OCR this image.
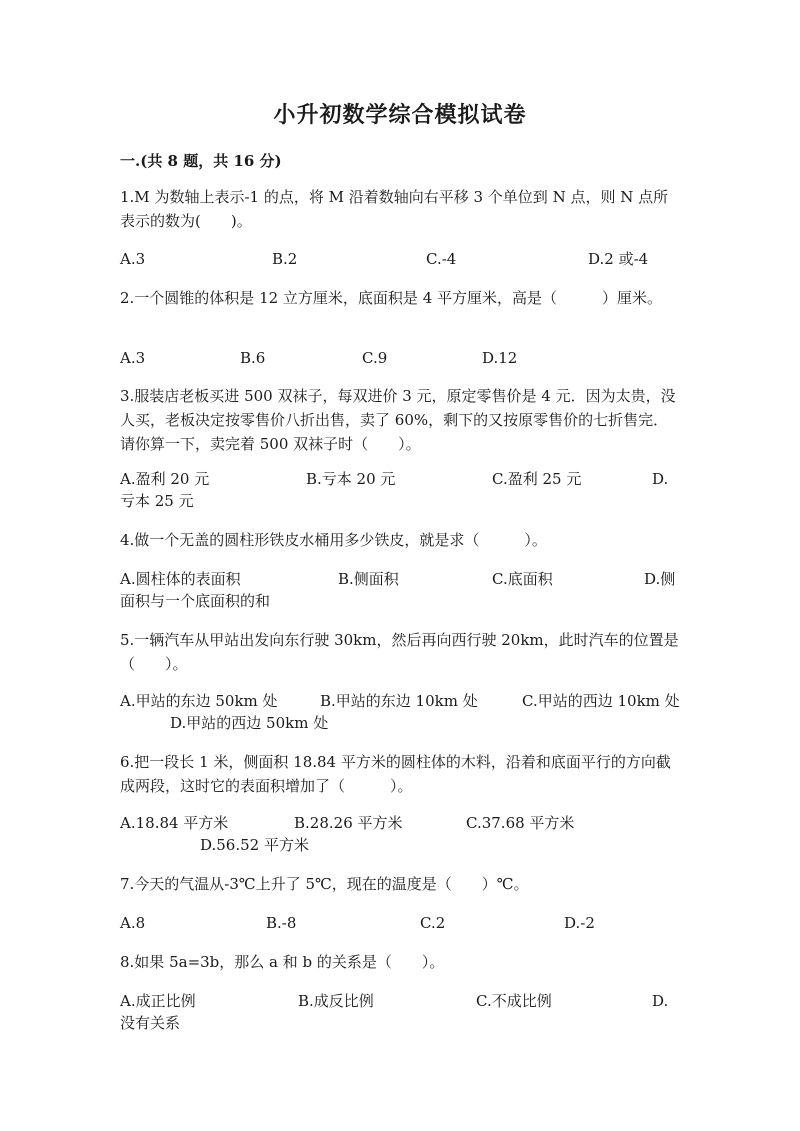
小升初数学综合模拟试卷
一.(共 8 题，共 16 分)
1.M 为数轴上表示-1 的点，将 M 沿着数轴向右平移 3 个单位到 N 点，则 N 点所表示的数为(　　)。
A.3	B.2	C.-4	D.2 或-4
2.一个圆锥的体积是 12 立方厘米，底面积是 4 平方厘米，高是（　　　）厘米。
A.3	B.6	C.9	D.12
3.服装店老板买进 500 双袜子，每双进价 3 元，原定零售价是 4 元．因为太贵，没人买，老板决定按零售价八折出售，卖了 60%，剩下的又按原零售价的七折售完．请你算一下，卖完着 500 双袜子时（　　）。
A.盈利 20 元	B.亏本 20 元	C.盈利 25 元	D.
亏本 25 元
4.做一个无盖的圆柱形铁皮水桶用多少铁皮，就是求（　　　）。
A.圆柱体的表面积	B.侧面积	C.底面积	D.侧
面积与一个底面积的和
5.一辆汽车从甲站出发向东行驶 30km，然后再向西行驶 20km，此时汽车的位置是（　　）。
A.甲站的东边 50km 处	B.甲站的东边 10km 处	C.甲站的西边 10km 处
D.甲站的西边 50km 处
6.把一段长 1 米，侧面积 18.84 平方米的圆柱体的木料，沿着和底面平行的方向截成两段，这时它的表面积增加了（　　　）。
A.18.84 平方米	B.28.26 平方米	C.37.68 平方米
D.56.52 平方米
7.今天的气温从-3℃上升了 5℃，现在的温度是（　　）℃。
A.8	B.-8	C.2	D.-2
8.如果 5a=3b，那么 a 和 b 的关系是（　　）。
A.成正比例	B.成反比例	C.不成比例	D.
没有关系
